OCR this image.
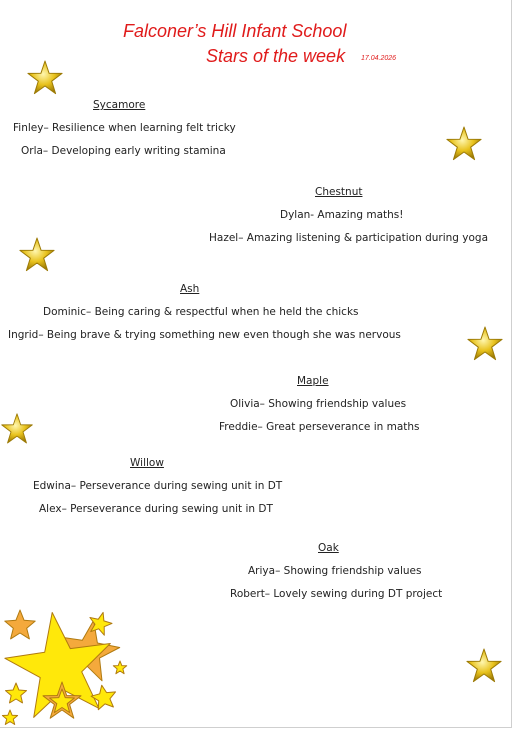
Falconer’s Hill Infant School
Stars of the week 17.04.2026
Sycamore
Finley– Resilience when learning felt tricky
Orla– Developing early writing stamina
Chestnut
Dylan- Amazing maths!
Hazel– Amazing listening & participation during yoga
Ash
Dominic– Being caring & respectful when he held the chicks
Ingrid– Being brave & trying something new even though she was nervous
Maple
Olivia– Showing friendship values
Freddie– Great perseverance in maths
Willow
Edwina– Perseverance during sewing unit in DT
Alex– Perseverance during sewing unit in DT
Oak
Ariya– Showing friendship values
Robert– Lovely sewing during DT project
